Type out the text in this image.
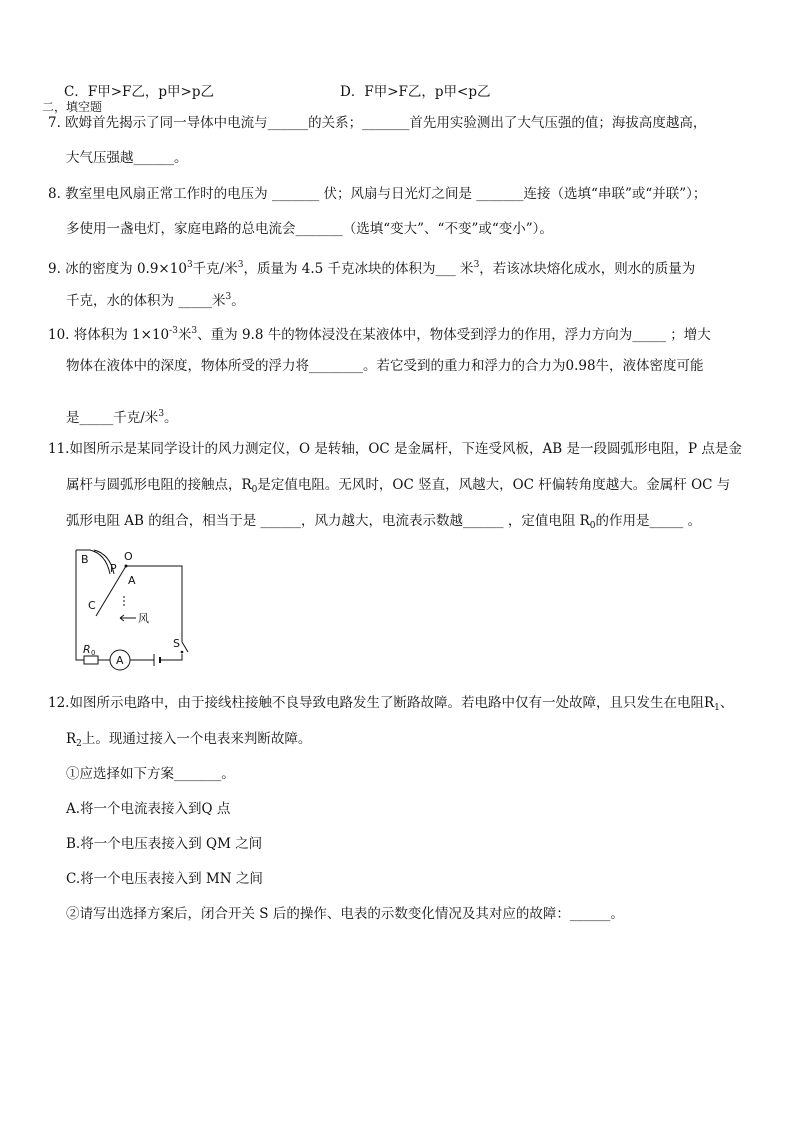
C．F甲>F乙，p甲>p乙	D．F甲>F乙，p甲<p乙
二，填空题
7. 欧姆首先揭示了同一导体中电流与______的关系；_______首先用实验测出了大气压强的值；海拔高度越高，
大气压强越______。
8. 教室里电风扇正常工作时的电压为 _______ 伏；风扇与日光灯之间是 _______连接（选填“串联”或“并联”）；
多使用一盏电灯，家庭电路的总电流会_______（选填“变大”、“不变”或“变小”）。
9. 冰的密度为 $0.9\times 10^3$千克/米$^3$，质量为 4.5 千克冰块的体积为___ 米$^3$，若该冰块熔化成水，则水的质量为
千克，水的体积为 _____米$^3$。
10. 将体积为 $1\times 10^{-3}$米$^3$、重为 9.8 牛的物体浸没在某液体中，物体受到浮力的作用，浮力方向为_____ ；增大
物体在液体中的深度，物体所受的浮力将________。若它受到的重力和浮力的合力为0.98牛，液体密度可能
是_____千克/米$^3$。
11.如图所示是某同学设计的风力测定仪，O 是转轴，OC 是金属杆，下连受风板，AB 是一段圆弧形电阻，P 点是金
属杆与圆弧形电阻的接触点，$R_0$是定值电阻。无风时，OC 竖直，风越大，OC 杆偏转角度越大。金属杆 OC 与
弧形电阻 AB 的组合，相当于是 ______，风力越大，电流表示数越______ ，定值电阻 $R_0$的作用是_____ 。
B	O
P
A
C
风
S
R 0
A
12.如图所示电路中，由于接线柱接触不良导致电路发生了断路故障。若电路中仅有一处故障，且只发生在电阻$R_1$、
$R_2$上。现通过接入一个电表来判断故障。
①应选择如下方案_______。
A.将一个电流表接入到Q 点
B.将一个电压表接入到 QM 之间
C.将一个电压表接入到 MN 之间
②请写出选择方案后，闭合开关 S 后的操作、电表的示数变化情况及其对应的故障：______。
